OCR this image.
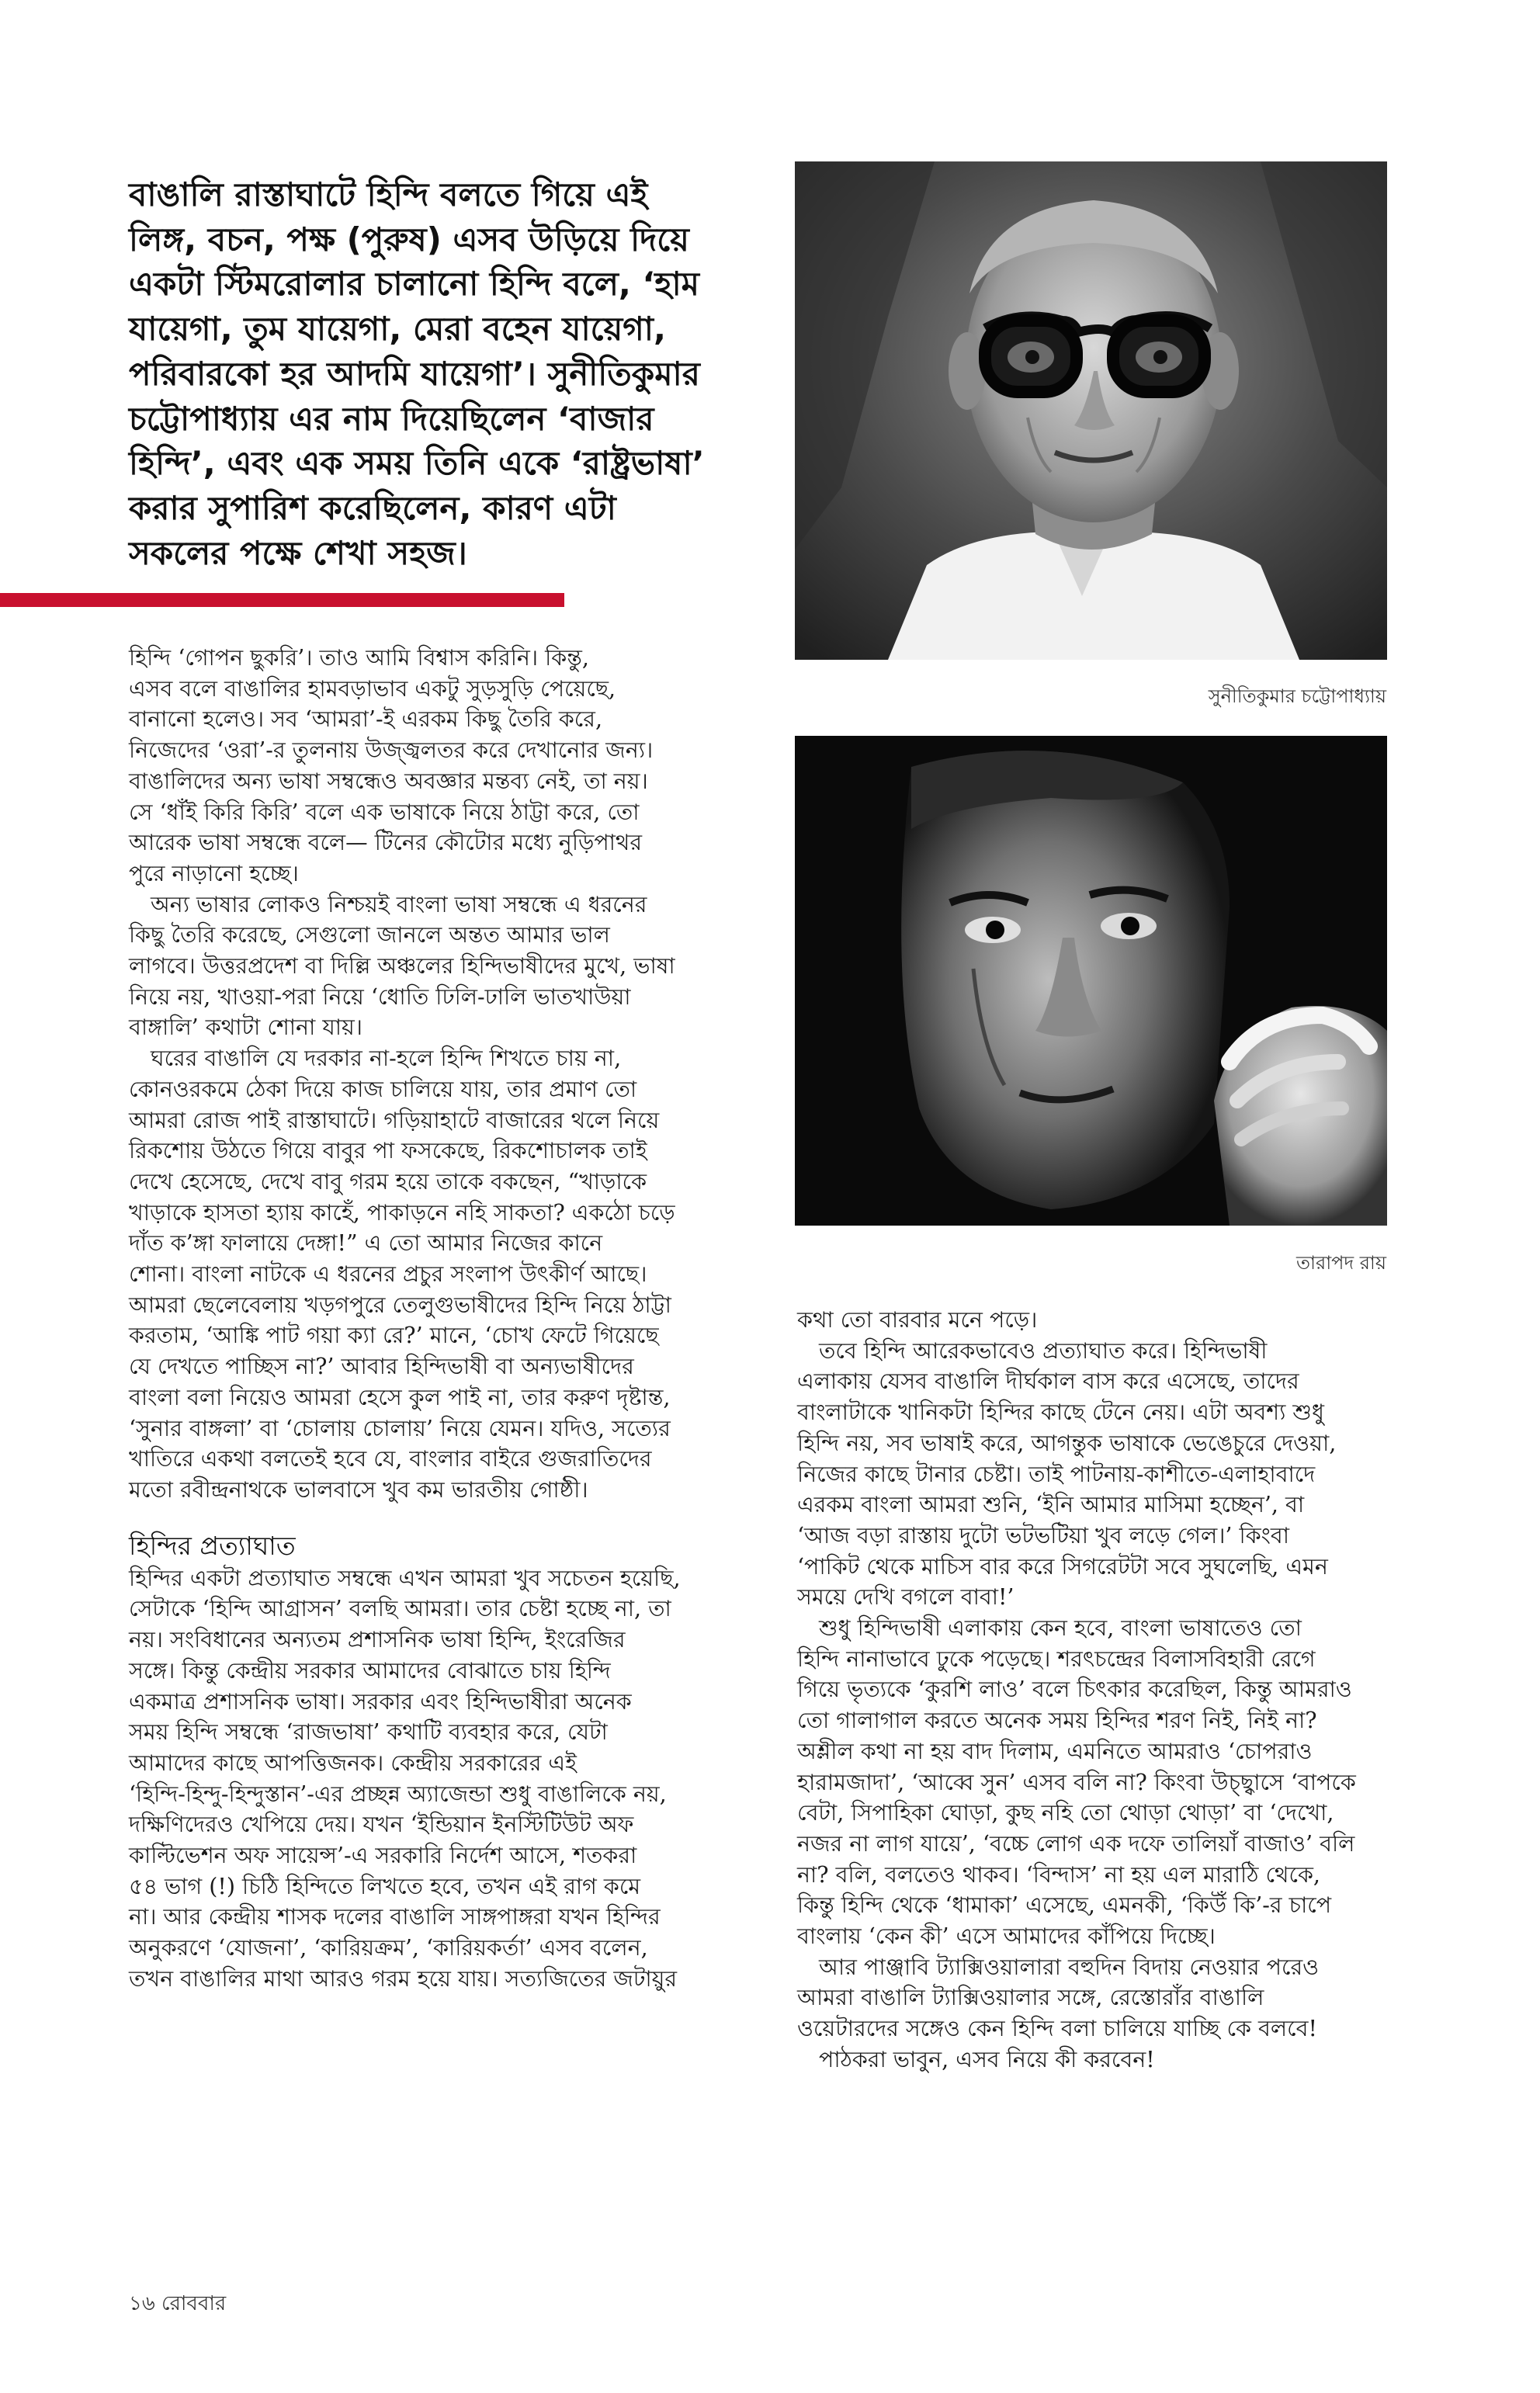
বাঙালি রাস্তাঘাটে হিন্দি বলতে গিয়ে এই
লিঙ্গ, বচন, পক্ষ (পুরুষ) এসব উড়িয়ে দিয়ে
একটা স্টিমরোলার চালানো হিন্দি বলে, ‘হাম
যায়েগা, তুম যায়েগা, মেরা বহেন যায়েগা,
পরিবারকো হর আদমি যায়েগা’। সুনীতিকুমার
চট্টোপাধ্যায় এর নাম দিয়েছিলেন ‘বাজার
হিন্দি’, এবং এক সময় তিনি একে ‘রাষ্ট্রভাষা’
করার সুপারিশ করেছিলেন, কারণ এটা
সকলের পক্ষে শেখা সহজ।
হিন্দি ‘গোপন ছুকরি’। তাও আমি বিশ্বাস করিনি। কিন্তু,
এসব বলে বাঙালির হামবড়াভাব একটু সুড়সুড়ি পেয়েছে,
বানানো হলেও। সব ‘আমরা’-ই এরকম কিছু তৈরি করে,
নিজেদের ‘ওরা’-র তুলনায় উজ্জ্বলতর করে দেখানোর জন্য।
বাঙালিদের অন্য ভাষা সম্বন্ধেও অবজ্ঞার মন্তব্য নেই, তা নয়।
সে ‘ধাঁই কিরি কিরি’ বলে এক ভাষাকে নিয়ে ঠাট্টা করে, তো
আরেক ভাষা সম্বন্ধে বলে— টিনের কৌটোর মধ্যে নুড়িপাথর
পুরে নাড়ানো হচ্ছে।
অন্য ভাষার লোকও নিশ্চয়ই বাংলা ভাষা সম্বন্ধে এ ধরনের
কিছু তৈরি করেছে, সেগুলো জানলে অন্তত আমার ভাল
লাগবে। উত্তরপ্রদেশ বা দিল্লি অঞ্চলের হিন্দিভাষীদের মুখে, ভাষা
নিয়ে নয়, খাওয়া-পরা নিয়ে ‘ধোতি ঢিলি-ঢালি ভাতখাউয়া
বাঙ্গালি’ কথাটা শোনা যায়।
ঘরের বাঙালি যে দরকার না-হলে হিন্দি শিখতে চায় না,
কোনওরকমে ঠেকা দিয়ে কাজ চালিয়ে যায়, তার প্রমাণ তো
আমরা রোজ পাই রাস্তাঘাটে। গড়িয়াহাটে বাজারের থলে নিয়ে
রিকশোয় উঠতে গিয়ে বাবুর পা ফসকেছে, রিকশোচালক তাই
দেখে হেসেছে, দেখে বাবু গরম হয়ে তাকে বকছেন, “খাড়াকে
খাড়াকে হাসতা হ্যায় কাহেঁ, পাকাড়নে নহি সাকতা? একঠো চড়ে
দাঁত ক’ঙ্গা ফালায়ে দেঙ্গা!” এ তো আমার নিজের কানে
শোনা। বাংলা নাটকে এ ধরনের প্রচুর সংলাপ উৎকীর্ণ আছে।
আমরা ছেলেবেলায় খড়গপুরে তেলুগুভাষীদের হিন্দি নিয়ে ঠাট্টা
করতাম, ‘আঙ্কি পাট গয়া ক্যা রে?’ মানে, ‘চোখ ফেটে গিয়েছে
যে দেখতে পাচ্ছিস না?’ আবার হিন্দিভাষী বা অন্যভাষীদের
বাংলা বলা নিয়েও আমরা হেসে কুল পাই না, তার করুণ দৃষ্টান্ত,
‘সুনার বাঙ্গলা’ বা ‘চোলায় চোলায়’ নিয়ে যেমন। যদিও, সত্যের
খাতিরে একথা বলতেই হবে যে, বাংলার বাইরে গুজরাতিদের
মতো রবীন্দ্রনাথকে ভালবাসে খুব কম ভারতীয় গোষ্ঠী।
হিন্দির প্রত্যাঘাত
হিন্দির একটা প্রত্যাঘাত সম্বন্ধে এখন আমরা খুব সচেতন হয়েছি,
সেটাকে ‘হিন্দি আগ্রাসন’ বলছি আমরা। তার চেষ্টা হচ্ছে না, তা
নয়। সংবিধানের অন্যতম প্রশাসনিক ভাষা হিন্দি, ইংরেজির
সঙ্গে। কিন্তু কেন্দ্রীয় সরকার আমাদের বোঝাতে চায় হিন্দি
একমাত্র প্রশাসনিক ভাষা। সরকার এবং হিন্দিভাষীরা অনেক
সময় হিন্দি সম্বন্ধে ‘রাজভাষা’ কথাটি ব্যবহার করে, যেটা
আমাদের কাছে আপত্তিজনক। কেন্দ্রীয় সরকারের এই
‘হিন্দি-হিন্দু-হিন্দুস্তান’-এর প্রচ্ছন্ন অ্যাজেন্ডা শুধু বাঙালিকে নয়,
দক্ষিণিদেরও খেপিয়ে দেয়। যখন ‘ইন্ডিয়ান ইনস্টিটিউট অফ
কাল্টিভেশন অফ সায়েন্স’-এ সরকারি নির্দেশ আসে, শতকরা
৫৪ ভাগ (!) চিঠি হিন্দিতে লিখতে হবে, তখন এই রাগ কমে
না। আর কেন্দ্রীয় শাসক দলের বাঙালি সাঙ্গপাঙ্গরা যখন হিন্দির
অনুকরণে ‘যোজনা’, ‘কারিয়ক্রম’, ‘কারিয়কর্তা’ এসব বলেন,
তখন বাঙালির মাথা আরও গরম হয়ে যায়। সত্যজিতের জটায়ুর
সুনীতিকুমার চট্টোপাধ্যায়
তারাপদ রায়
কথা তো বারবার মনে পড়ে।
তবে হিন্দি আরেকভাবেও প্রত্যাঘাত করে। হিন্দিভাষী
এলাকায় যেসব বাঙালি দীর্ঘকাল বাস করে এসেছে, তাদের
বাংলাটাকে খানিকটা হিন্দির কাছে টেনে নেয়। এটা অবশ্য শুধু
হিন্দি নয়, সব ভাষাই করে, আগন্তুক ভাষাকে ভেঙেচুরে দেওয়া,
নিজের কাছে টানার চেষ্টা। তাই পাটনায়-কাশীতে-এলাহাবাদে
এরকম বাংলা আমরা শুনি, ‘ইনি আমার মাসিমা হচ্ছেন’, বা
‘আজ বড়া রাস্তায় দুটো ভটভটিয়া খুব লড়ে গেল।’ কিংবা
‘পাকিট থেকে মাচিস বার করে সিগরেটটা সবে সুঘলেছি, এমন
সময়ে দেখি বগলে বাবা!’
শুধু হিন্দিভাষী এলাকায় কেন হবে, বাংলা ভাষাতেও তো
হিন্দি নানাভাবে ঢুকে পড়েছে। শরৎচন্দ্রের বিলাসবিহারী রেগে
গিয়ে ভৃত্যকে ‘কুরশি লাও’ বলে চিৎকার করেছিল, কিন্তু আমরাও
তো গালাগাল করতে অনেক সময় হিন্দির শরণ নিই, নিই না?
অশ্লীল কথা না হয় বাদ দিলাম, এমনিতে আমরাও ‘চোপরাও
হারামজাদা’, ‘আব্বে সুন’ এসব বলি না? কিংবা উচ্ছ্বাসে ‘বাপকে
বেটা, সিপাহিকা ঘোড়া, কুছ নহি তো থোড়া থোড়া’ বা ‘দেখো,
নজর না লাগ যায়ে’, ‘বচ্চে লোগ এক দফে তালিয়াঁ বাজাও’ বলি
না? বলি, বলতেও থাকব। ‘বিন্দাস’ না হয় এল মারাঠি থেকে,
কিন্তু হিন্দি থেকে ‘ধামাকা’ এসেছে, এমনকী, ‘কিউঁ কি’-র চাপে
বাংলায় ‘কেন কী’ এসে আমাদের কাঁপিয়ে দিচ্ছে।
আর পাঞ্জাবি ট্যাক্সিওয়ালারা বহুদিন বিদায় নেওয়ার পরেও
আমরা বাঙালি ট্যাক্সিওয়ালার সঙ্গে, রেস্তোরাঁর বাঙালি
ওয়েটারদের সঙ্গেও কেন হিন্দি বলা চালিয়ে যাচ্ছি কে বলবে!
পাঠকরা ভাবুন, এসব নিয়ে কী করবেন!
১৬ রোববার
